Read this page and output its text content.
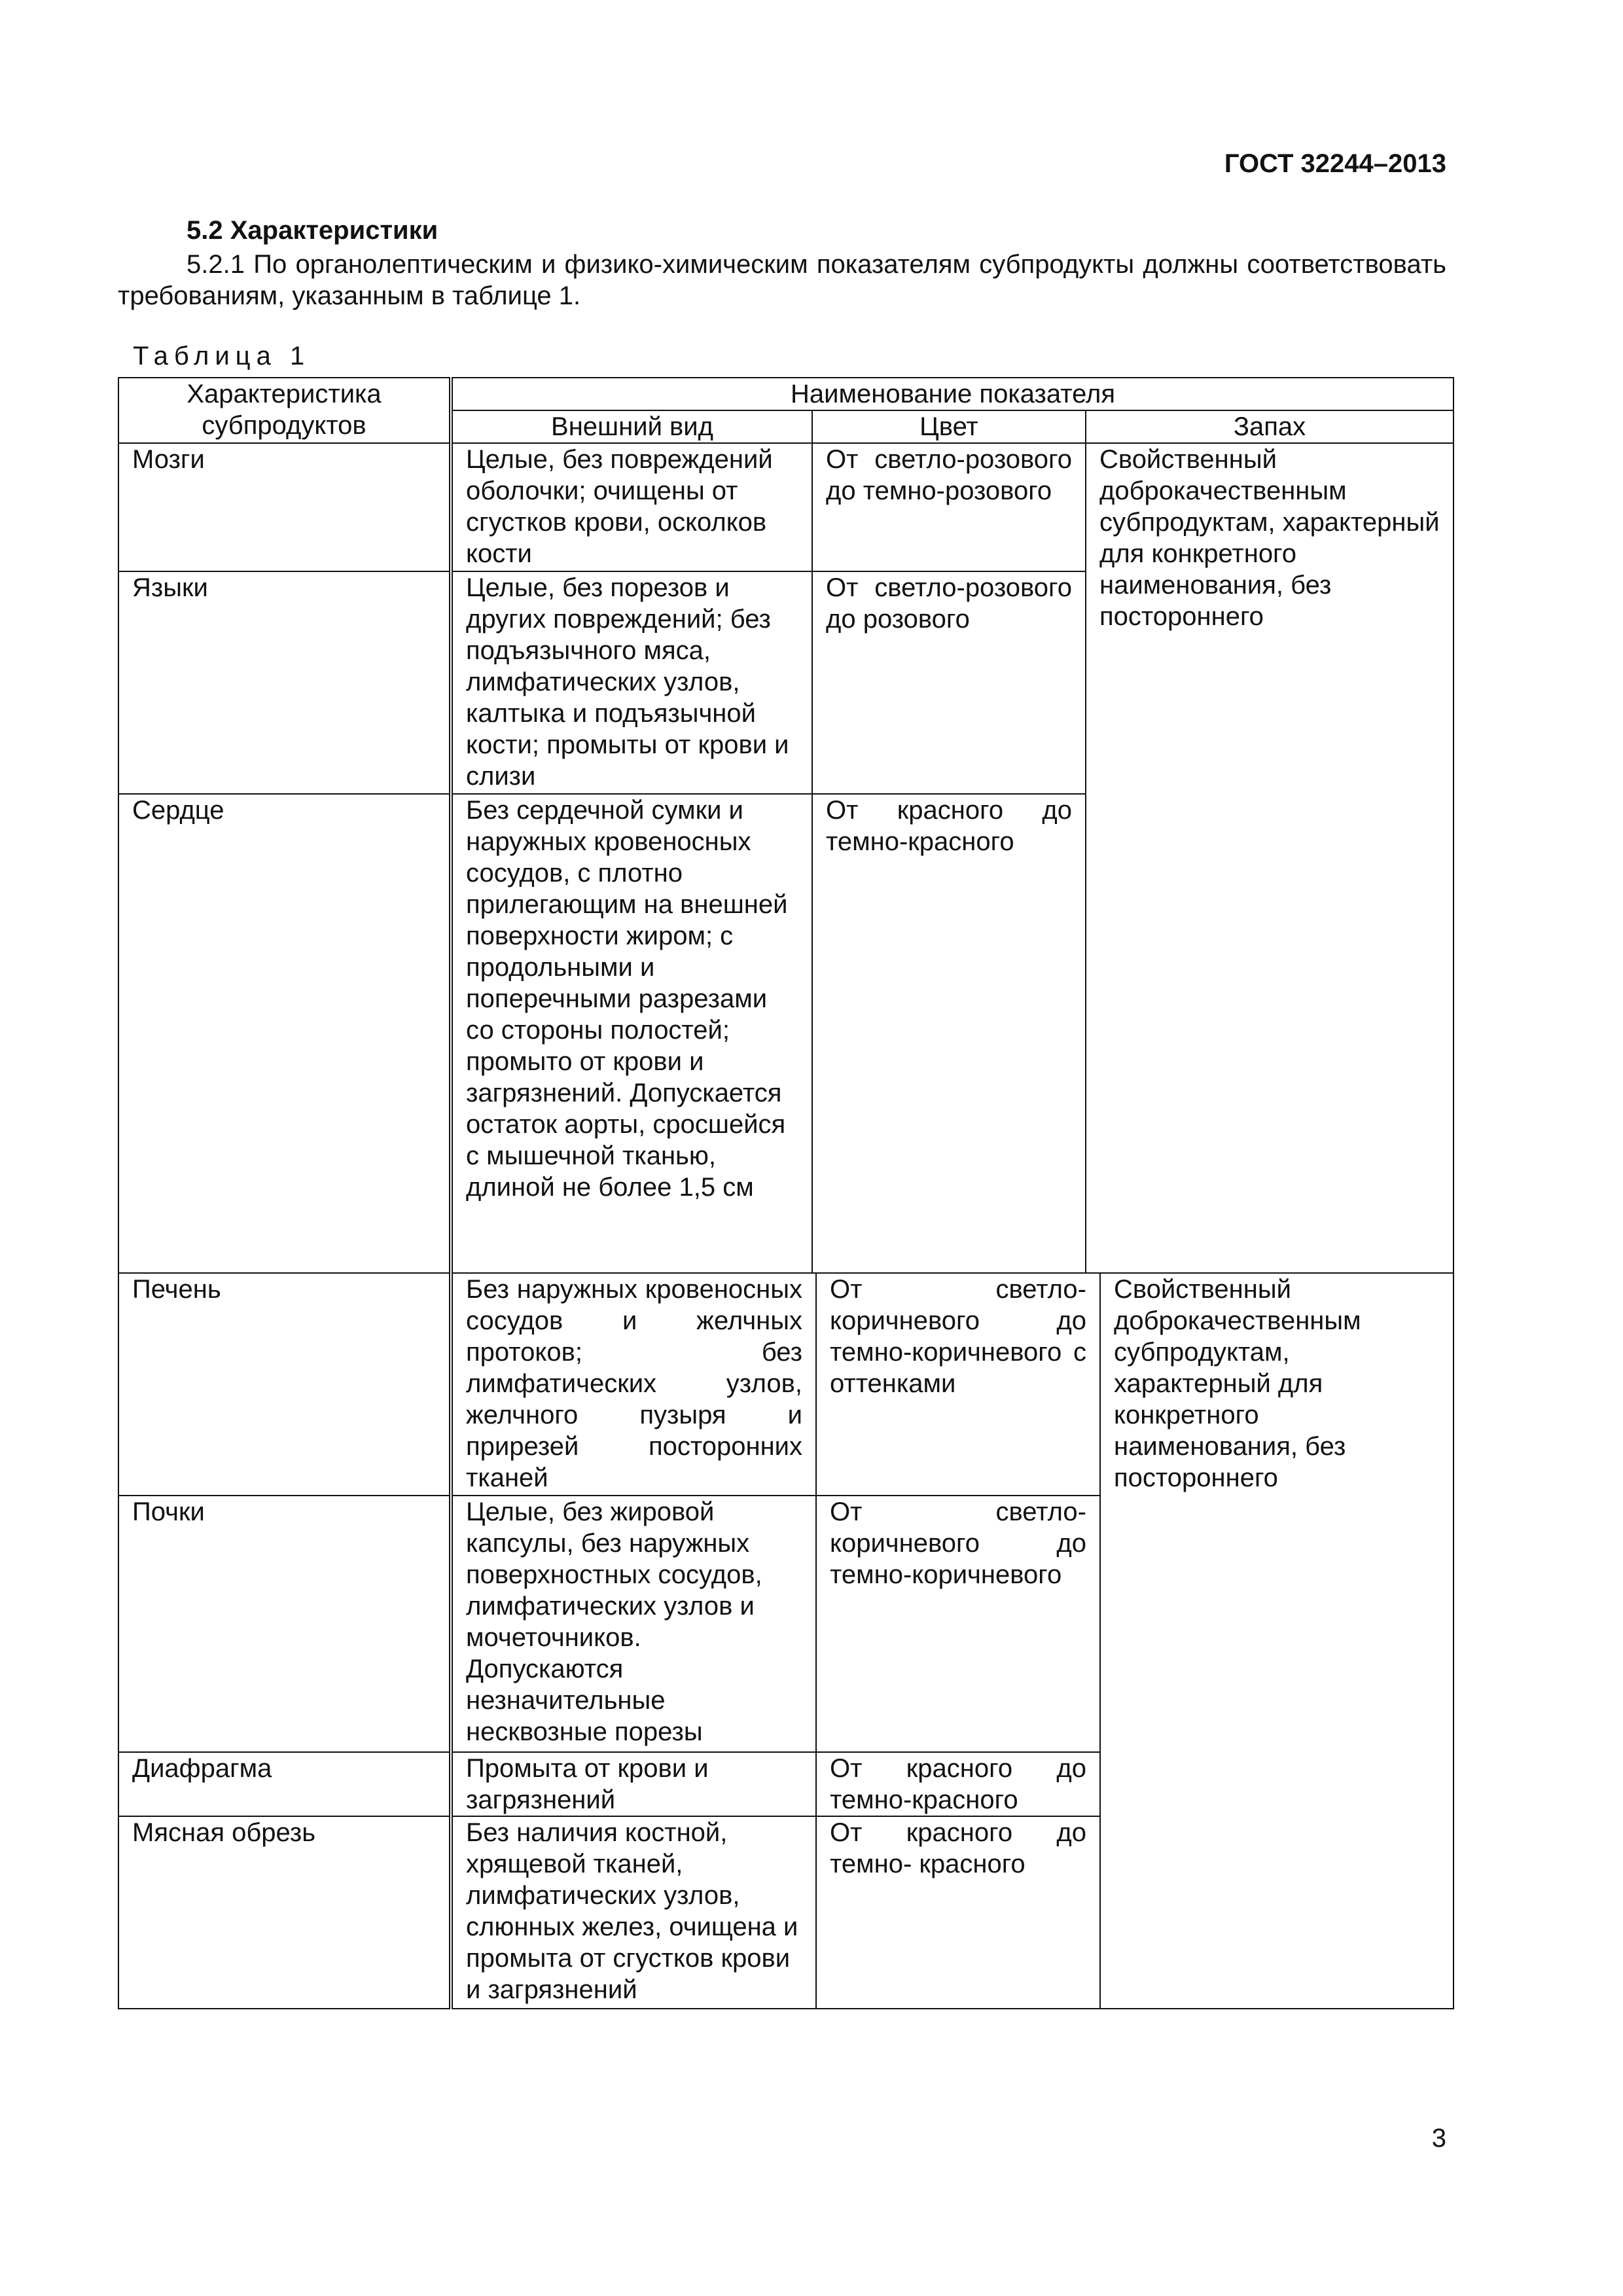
ГОСТ 32244–2013
5.2 Характеристики
5.2.1 По органолептическим и физико-химическим показателям субпродукты должны соответствовать требованиям, указанным в таблице 1.
Таблица 1
Характеристика субпродуктов	Наименование показателя		
	Внешний вид	Цвет	Запах
Мозги	Целые, без повреждений оболочки; очищены от сгустков крови, осколков кости	От светло-розового до темно-розового	Свойственный доброкачественным субпродуктам, характерный для конкретного наименования, без постороннего
Языки	Целые, без порезов и других повреждений; без подъязычного мяса, лимфатических узлов, калтыка и подъязычной кости; промыты от крови и слизи	От светло-розового до розового	
Сердце	Без сердечной сумки и наружных кровеносных сосудов, с плотно прилегающим на внешней поверхности жиром; с продольными и поперечными разрезами со стороны полостей; промыто от крови и загрязнений. Допускается остаток аорты, сросшейся с мышечной тканью, длиной не более 1,5 см	От красного до темно-красного	
Печень	Без наружных кровеносных сосудов и желчных протоков; без лимфатических узлов, желчного пузыря и прирезей посторонних тканей	От светло-коричневого до темно-коричневого с оттенками	Свойственный доброкачественным субпродуктам, характерный для конкретного наименования, без постороннего
Почки	Целые, без жировой капсулы, без наружных поверхностных сосудов, лимфатических узлов и мочеточников. Допускаются незначительные несквозные порезы	От светло-коричневого до темно-коричневого	
Диафрагма	Промыта от крови и загрязнений	От красного до темно-красного	
Мясная обрезь	Без наличия костной, хрящевой тканей, лимфатических узлов, слюнных желез, очищена и промыта от сгустков крови и загрязнений	От красного до темно- красного	
3
